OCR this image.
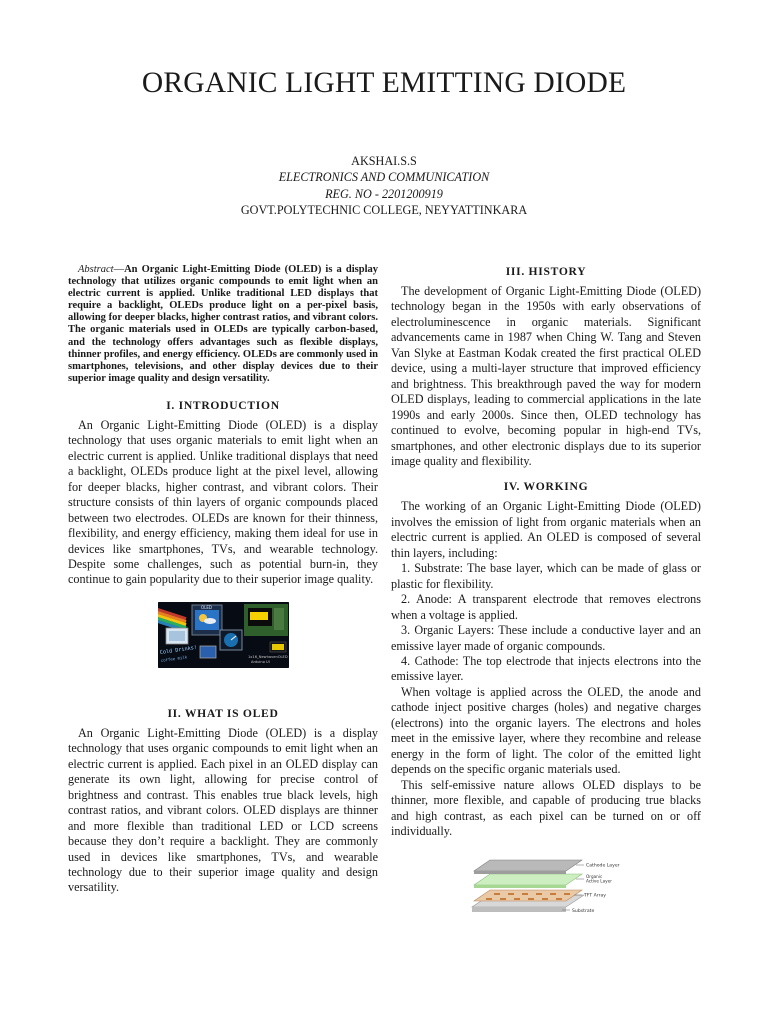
ORGANIC LIGHT EMITTING DIODE
AKSHAI.S.S
ELECTRONICS AND COMMUNICATION
REG. NO - 2201200919
GOVT.POLYTECHNIC COLLEGE, NEYYATTINKARA

Abstract—An Organic Light-Emitting Diode (OLED) is a display technology that utilizes organic compounds to emit light when an electric current is applied. Unlike traditional LED displays that require a backlight, OLEDs produce light on a per-pixel basis, allowing for deeper blacks, higher contrast ratios, and vibrant colors. The organic materials used in OLEDs are typically carbon-based, and the technology offers advantages such as flexible displays, thinner profiles, and energy efficiency. OLEDs are commonly used in smartphones, televisions, and other display devices due to their superior image quality and design versatility.

I. INTRODUCTION

An Organic Light-Emitting Diode (OLED) is a display technology that uses organic materials to emit light when an electric current is applied. Unlike traditional displays that need a backlight, OLEDs produce light at the pixel level, allowing for deeper blacks, higher contrast, and vibrant colors. Their structure consists of thin layers of organic compounds placed between two electrodes. OLEDs are known for their thinness, flexibility, and energy efficiency, making them ideal for use in devices like smartphones, TVs, and wearable technology. Despite some challenges, such as potential burn-in, they continue to gain popularity due to their superior image quality.

OLED
Cold Drinks!
coffee milk	1x16_NewhavenOLED
Arduino UI
II. WHAT IS OLED

An Organic Light-Emitting Diode (OLED) is a display technology that uses organic compounds to emit light when an electric current is applied. Each pixel in an OLED display can generate its own light, allowing for precise control of brightness and contrast. This enables true black levels, high contrast ratios, and vibrant colors. OLED displays are thinner and more flexible than traditional LED or LCD screens because they don’t require a backlight. They are commonly used in devices like smartphones, TVs, and wearable technology due to their superior image quality and design versatility.

III. HISTORY

The development of Organic Light-Emitting Diode (OLED) technology began in the 1950s with early observations of electroluminescence in organic materials. Significant advancements came in 1987 when Ching W. Tang and Steven Van Slyke at Eastman Kodak created the first practical OLED device, using a multi-layer structure that improved efficiency and brightness. This breakthrough paved the way for modern OLED displays, leading to commercial applications in the late 1990s and early 2000s. Since then, OLED technology has continued to evolve, becoming popular in high-end TVs, smartphones, and other electronic displays due to its superior image quality and flexibility.

IV. WORKING

The working of an Organic Light-Emitting Diode (OLED) involves the emission of light from organic materials when an electric current is applied. An OLED is composed of several thin layers, including:

1. Substrate: The base layer, which can be made of glass or plastic for flexibility.

2. Anode: A transparent electrode that removes electrons when a voltage is applied.

3. Organic Layers: These include a conductive layer and an emissive layer made of organic compounds.

4. Cathode: The top electrode that injects electrons into the emissive layer.

When voltage is applied across the OLED, the anode and cathode inject positive charges (holes) and negative charges (electrons) into the organic layers. The electrons and holes meet in the emissive layer, where they recombine and release energy in the form of light. The color of the emitted light depends on the specific organic materials used.

This self-emissive nature allows OLED displays to be thinner, more flexible, and capable of producing true blacks and high contrast, as each pixel can be turned on or off individually.

Cathode Layer
Organic Active Layer
TFT Array
Substrate
